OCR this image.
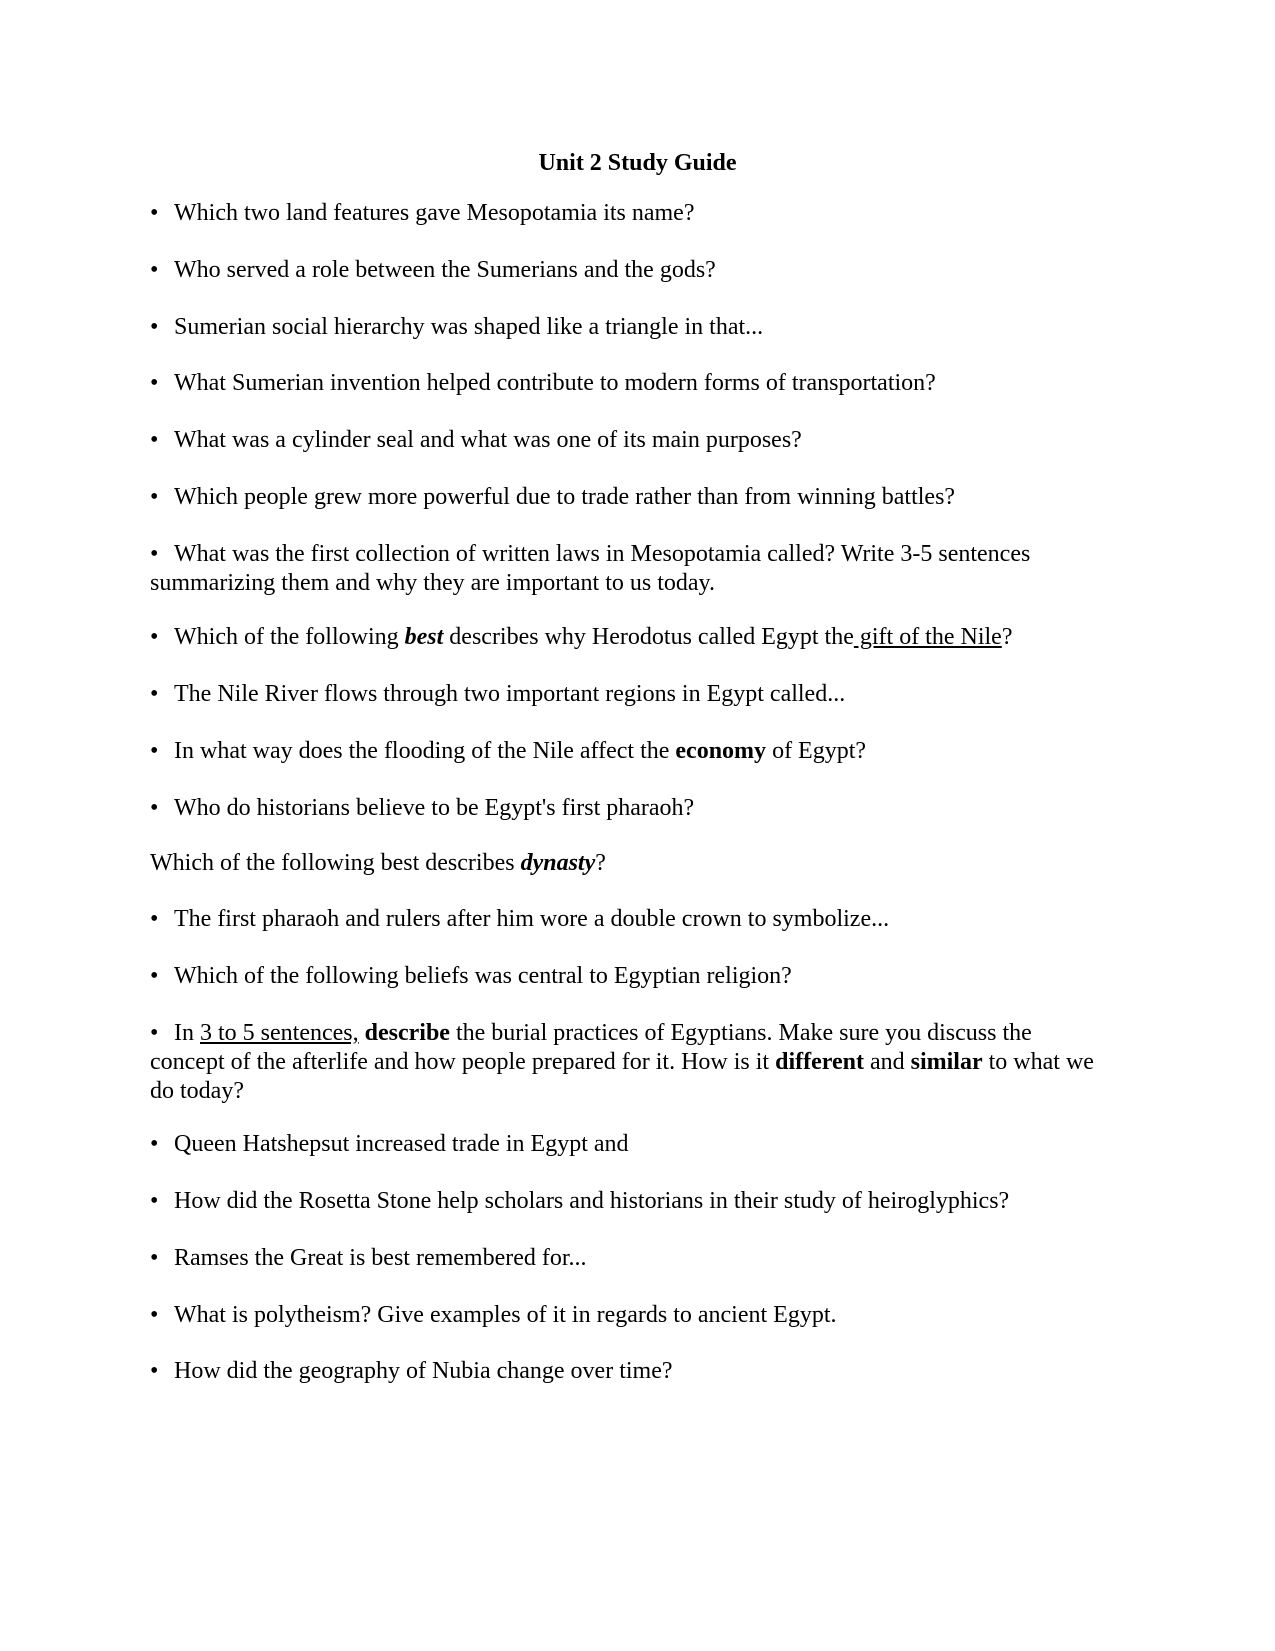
Unit 2 Study Guide

• Which two land features gave Mesopotamia its name?

• Who served a role between the Sumerians and the gods?

• Sumerian social hierarchy was shaped like a triangle in that...

• What Sumerian invention helped contribute to modern forms of transportation?

• What was a cylinder seal and what was one of its main purposes?

• Which people grew more powerful due to trade rather than from winning battles?

• What was the first collection of written laws in Mesopotamia called? Write 3-5 sentences summarizing them and why they are important to us today.

• Which of the following best describes why Herodotus called Egypt the gift of the Nile?

• The Nile River flows through two important regions in Egypt called...

• In what way does the flooding of the Nile affect the economy of Egypt?

• Who do historians believe to be Egypt's first pharaoh?

Which of the following best describes dynasty?

• The first pharaoh and rulers after him wore a double crown to symbolize...

• Which of the following beliefs was central to Egyptian religion?

• In 3 to 5 sentences, describe the burial practices of Egyptians. Make sure you discuss the concept of the afterlife and how people prepared for it. How is it different and similar to what we do today?

• Queen Hatshepsut increased trade in Egypt and

• How did the Rosetta Stone help scholars and historians in their study of heiroglyphics?

• Ramses the Great is best remembered for...

• What is polytheism? Give examples of it in regards to ancient Egypt.

• How did the geography of Nubia change over time?
